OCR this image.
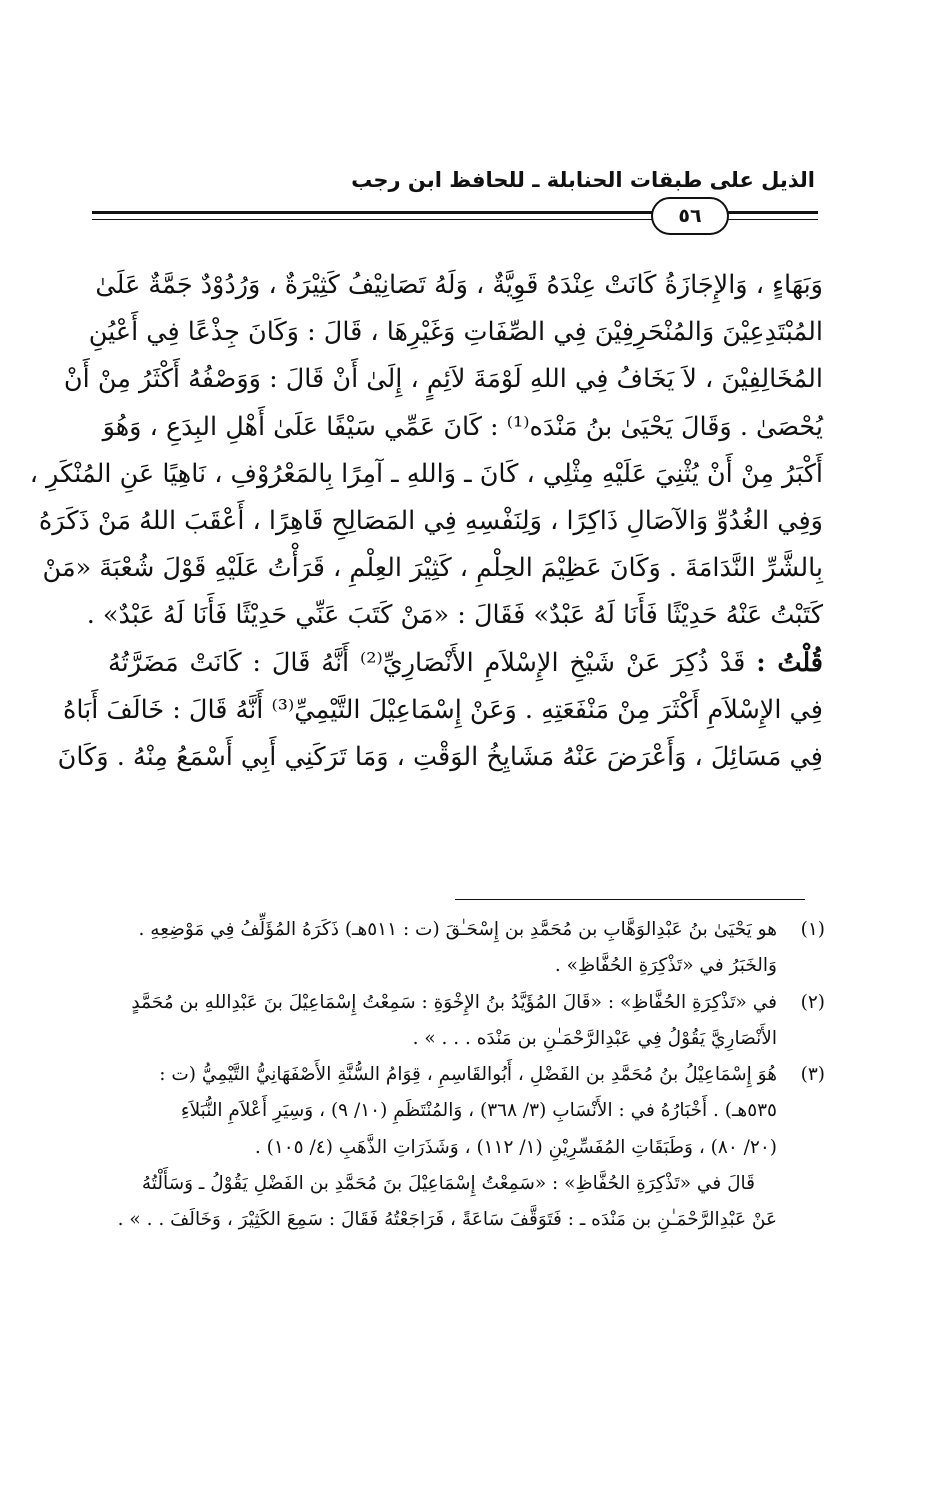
الذيل على طبقات الحنابلة ـ للحافظ ابن رجب
٥٦
وَبَهَاءٍ ، وَالإِجَازَةُ كَانَتْ عِنْدَهُ قَوِيَّةٌ ، وَلَهُ تَصَانِيْفُ كَثِيْرَةٌ ، وَرُدُوْدٌ جَمَّةٌ عَلَىٰ
المُبْتَدِعِيْنَ وَالمُنْحَرِفِيْنَ فِي الصِّفَاتِ وَغَيْرِهَا ، قَالَ : وَكَانَ جِذْعًا فِي أَعْيُنِ
المُخَالِفِيْنَ ، لاَ يَخَافُ فِي اللهِ لَوْمَةَ لاَئِمٍ ، إِلَىٰ أَنْ قَالَ : وَوَصْفُهُ أَكْثَرُ مِنْ أَنْ
يُحْصَىٰ . وَقَالَ يَحْيَىٰ بنُ مَنْدَه⁽¹⁾ : كَانَ عَمِّي سَيْفًا عَلَىٰ أَهْلِ البِدَعِ ، وَهُوَ
أَكْبَرُ مِنْ أَنْ يُثْنِيَ عَلَيْهِ مِثْلِي ، كَانَ ـ وَاللهِ ـ آمِرًا بِالمَعْرُوْفِ ، نَاهِيًا عَنِ المُنْكَرِ ،
وَفِي الغُدُوِّ وَالآصَالِ ذَاكِرًا ، وَلِنَفْسِهِ فِي المَصَالِحِ قَاهِرًا ، أَعْقَبَ اللهُ مَنْ ذَكَرَهُ
بِالشَّرِّ النَّدَامَةَ . وَكَانَ عَظِيْمَ الحِلْمِ ، كَثِيْرَ العِلْمِ ، قَرَأْتُ عَلَيْهِ قَوْلَ شُعْبَةَ «مَنْ
كَتَبْتُ عَنْهُ حَدِيْثًا فَأَنَا لَهُ عَبْدٌ» فَقَالَ : «مَنْ كَتَبَ عَنِّي حَدِيْثًا فَأَنَا لَهُ عَبْدٌ» .
قُلْتُ : قَدْ ذُكِرَ عَنْ شَيْخِ الإِسْلاَمِ الأَنْصَارِيِّ⁽²⁾ أَنَّهُ قَالَ : كَانَتْ مَضَرَّتُهُ
فِي الإِسْلاَمِ أَكْثَرَ مِنْ مَنْفَعَتِهِ . وَعَنْ إِسْمَاعِيْلَ التَّيْمِيِّ⁽³⁾ أَنَّهُ قَالَ : خَالَفَ أَبَاهُ
فِي مَسَائِلَ ، وَأَعْرَضَ عَنْهُ مَشَايِخُ الوَقْتِ ، وَمَا تَرَكَنِي أَبِي أَسْمَعُ مِنْهُ . وَكَانَ
(١)هو يَحْيَىٰ بنُ عَبْدِالوَهَّابِ بن مُحَمَّدِ بن إِسْحَـٰقَ (ت : ٥١١هـ) ذَكَرَهُ المُؤَلِّفُ فِي مَوْضِعِهِ .
وَالخَبَرُ في «تَذْكِرَةِ الحُفَّاظِ» .
(٢)في «تَذْكِرَةِ الحُفَّاظِ» : «قَالَ المُؤَيَّدُ بنُ الإِخْوَةِ : سَمِعْتُ إِسْمَاعِيْلَ بنَ عَبْدِاللهِ بن مُحَمَّدٍ
الأَنْصَارِيَّ يَقُوْلُ فِي عَبْدِالرَّحْمَـٰنِ بن مَنْدَه . . . » .
(٣)هُوَ إِسْمَاعِيْلُ بنُ مُحَمَّدِ بن الفَضْلِ ، أَبُوالقَاسِمِ ، قِوَامُ السُّنَّةِ الأَصْفَهَانِيُّ التَّيْمِيُّ (ت :
٥٣٥هـ) . أَخْبَارُهُ في : الأَنْسَابِ (٣/ ٣٦٨) ، وَالمُنْتَظَمِ (١٠/ ٩) ، وَسِيَرِ أَعْلاَمِ النُّبَلاَءِ
(٢٠/ ٨٠) ، وَطَبَقَاتِ المُفَسِّرِيْنِ (١/ ١١٢) ، وَشَذَرَاتِ الذَّهَبِ (٤/ ١٠٥) .
قَالَ في «تَذْكِرَةِ الحُفَّاظِ» : «سَمِعْتُ إِسْمَاعِيْلَ بنَ مُحَمَّدِ بن الفَضْلِ يَقُوْلُ ـ وَسَأَلْتُهُ
عَنْ عَبْدِالرَّحْمَـٰنِ بن مَنْدَه ـ : فَتَوَقَّفَ سَاعَةً ، فَرَاجَعْتُهُ فَقَالَ : سَمِعَ الكَثِيْرَ ، وَخَالَفَ . . » .
